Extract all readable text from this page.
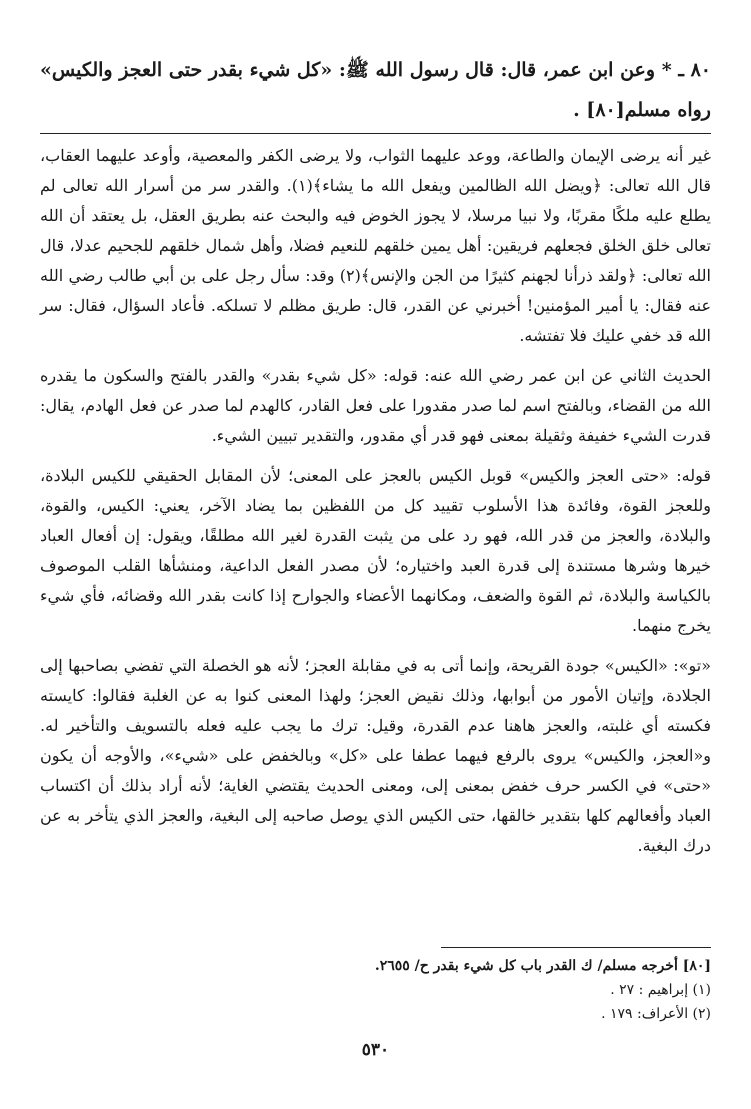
٨٠ ـ * وعن ابن عمر، قال: قال رسول الله ﷺ: «كل شيء بقدر حتى العجز والكيس» رواه مسلم[٨٠] .

غير أنه يرضى الإيمان والطاعة، ووعد عليهما الثواب، ولا يرضى الكفر والمعصية، وأوعد عليهما العقاب، قال الله تعالى: ﴿ويضل الله الظالمين ويفعل الله ما يشاء﴾(١). والقدر سر من أسرار الله تعالى لم يطلع عليه ملكًا مقربًا، ولا نبيا مرسلا، لا يجوز الخوض فيه والبحث عنه بطريق العقل، بل يعتقد أن الله تعالى خلق الخلق فجعلهم فريقين: أهل يمين خلقهم للنعيم فضلا، وأهل شمال خلقهم للجحيم عدلا، قال الله تعالى: ﴿ولقد ذرأنا لجهنم كثيرًا من الجن والإنس﴾(٢) وقد: سأل رجل على بن أبي طالب رضي الله عنه فقال: يا أمير المؤمنين! أخبرني عن القدر، قال: طريق مظلم لا تسلكه. فأعاد السؤال، فقال: سر الله قد خفي عليك فلا تفتشه.

الحديث الثاني عن ابن عمر رضي الله عنه: قوله: «كل شيء بقدر» والقدر بالفتح والسكون ما يقدره الله من القضاء، وبالفتح اسم لما صدر مقدورا على فعل القادر، كالهدم لما صدر عن فعل الهادم، يقال: قدرت الشيء خفيفة وثقيلة بمعنى فهو قدر أي مقدور، والتقدير تبيين الشيء.

قوله: «حتى العجز والكيس» قوبل الكيس بالعجز على المعنى؛ لأن المقابل الحقيقي للكيس البلادة، وللعجز القوة، وفائدة هذا الأسلوب تقييد كل من اللفظين بما يضاد الآخر، يعني: الكيس، والقوة، والبلادة، والعجز من قدر الله، فهو رد على من يثبت القدرة لغير الله مطلقًا، ويقول: إن أفعال العباد خيرها وشرها مستندة إلى قدرة العبد واختياره؛ لأن مصدر الفعل الداعية، ومنشأها القلب الموصوف بالكياسة والبلادة، ثم القوة والضعف، ومكانهما الأعضاء والجوارح إذا كانت بقدر الله وقضائه، فأي شيء يخرج منهما.

«تو»: «الكيس» جودة القريحة، وإنما أتى به في مقابلة العجز؛ لأنه هو الخصلة التي تفضي بصاحبها إلى الجلادة، وإتيان الأمور من أبوابها، وذلك نقيض العجز؛ ولهذا المعنى كنوا به عن الغلبة فقالوا: كايسته فكسته أي غلبته، والعجز هاهنا عدم القدرة، وقيل: ترك ما يجب عليه فعله بالتسويف والتأخير له. و«العجز، والكيس» يروى بالرفع فيهما عطفا على «كل» وبالخفض على «شيء»، والأوجه أن يكون «حتى» في الكسر حرف خفض بمعنى إلى، ومعنى الحديث يقتضي الغاية؛ لأنه أراد بذلك أن اكتساب العباد وأفعالهم كلها بتقدير خالقها، حتى الكيس الذي يوصل صاحبه إلى البغية، والعجز الذي يتأخر به عن درك البغية.

[٨٠] أخرجه مسلم/ ك القدر باب كل شيء بقدر ح/ ٢٦٥٥.
(١) إبراهيم : ٢٧ .
(٢) الأعراف: ١٧٩ .
٥٣٠
